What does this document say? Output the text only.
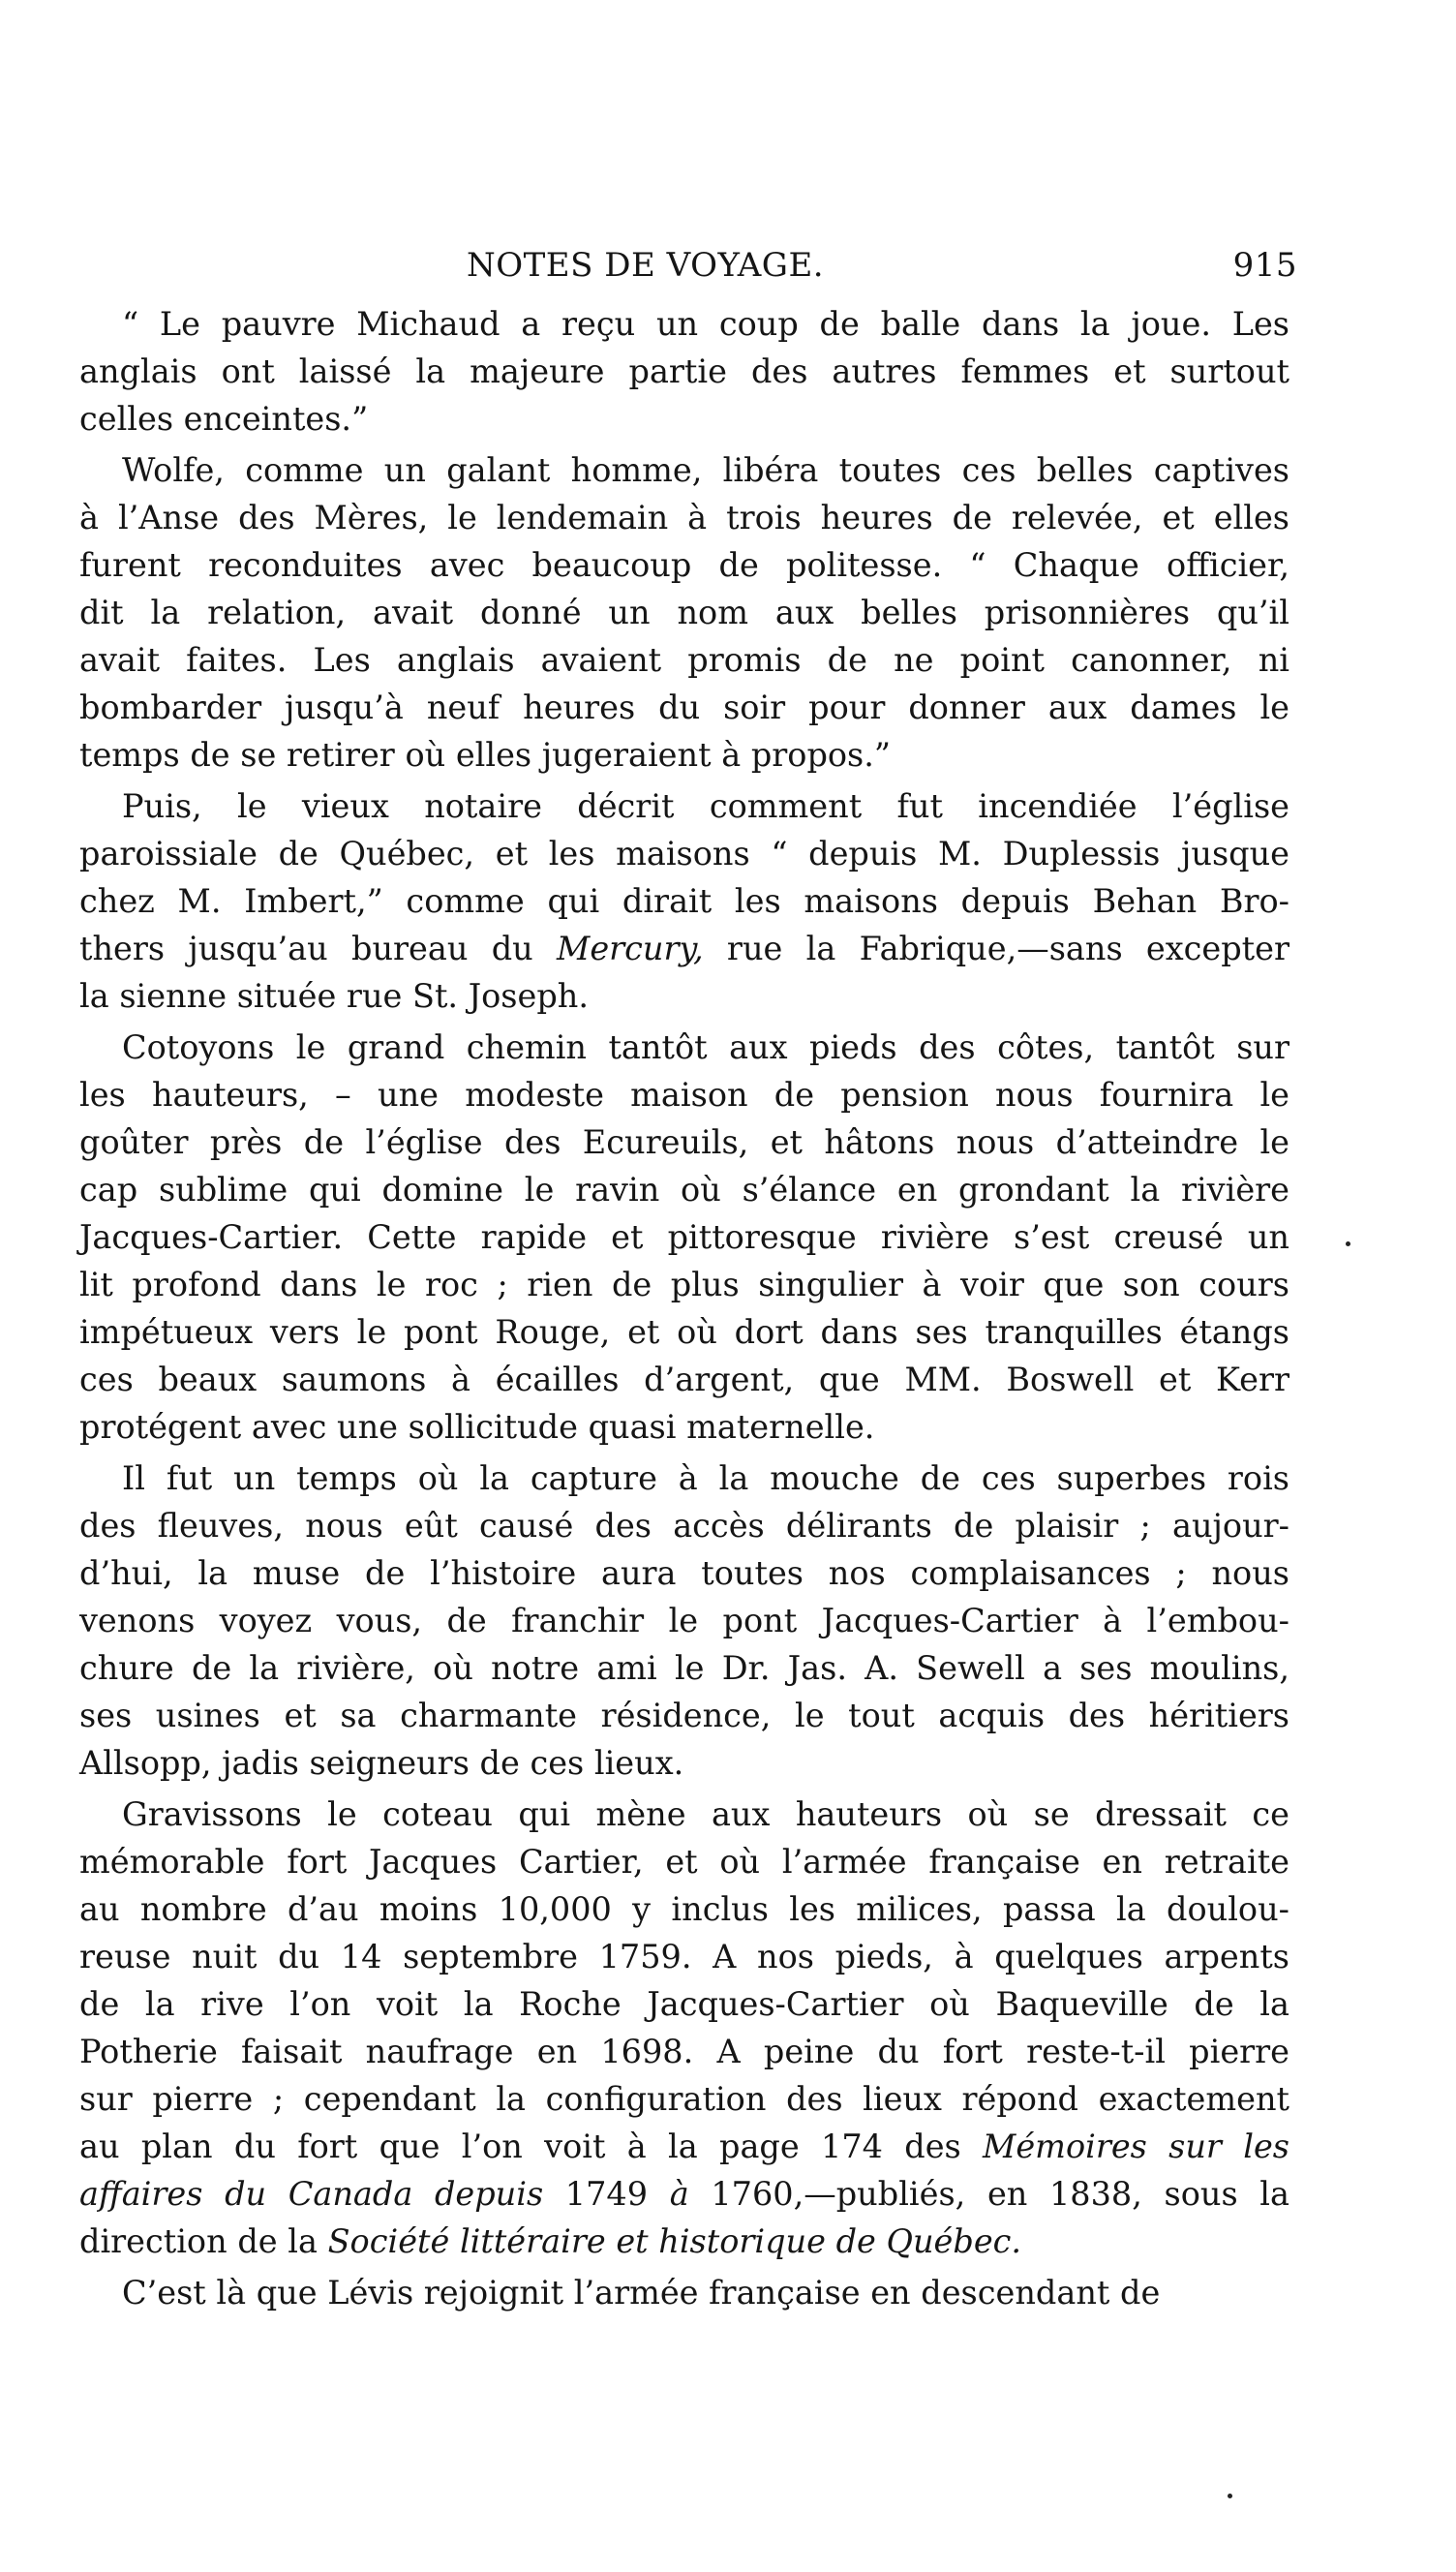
NOTES DE VOYAGE.	915
“ Le pauvre Michaud a reçu un coup de balle dans la joue. Les
anglais ont laissé la majeure partie des autres femmes et surtout
celles enceintes.”
Wolfe, comme un galant homme, libéra toutes ces belles captives
à l’Anse des Mères, le lendemain à trois heures de relevée, et elles
furent reconduites avec beaucoup de politesse. “ Chaque officier,
dit la relation, avait donné un nom aux belles prisonnières qu’il
avait faites. Les anglais avaient promis de ne point canonner, ni
bombarder jusqu’à neuf heures du soir pour donner aux dames le
temps de se retirer où elles jugeraient à propos.”
Puis, le vieux notaire décrit comment fut incendiée l’église
paroissiale de Québec, et les maisons “ depuis M. Duplessis jusque
chez M. Imbert,” comme qui dirait les maisons depuis Behan Bro-
thers jusqu’au bureau du Mercury, rue la Fabrique,—sans excepter
la sienne située rue St. Joseph.
Cotoyons le grand chemin tantôt aux pieds des côtes, tantôt sur
les hauteurs, – une modeste maison de pension nous fournira le
goûter près de l’église des Ecureuils, et hâtons nous d’atteindre le
cap sublime qui domine le ravin où s’élance en grondant la rivière
Jacques-Cartier. Cette rapide et pittoresque rivière s’est creusé un
lit profond dans le roc ; rien de plus singulier à voir que son cours
impétueux vers le pont Rouge, et où dort dans ses tranquilles étangs
ces beaux saumons à écailles d’argent, que MM. Boswell et Kerr
protégent avec une sollicitude quasi maternelle.
Il fut un temps où la capture à la mouche de ces superbes rois
des fleuves, nous eût causé des accès délirants de plaisir ; aujour-
d’hui, la muse de l’histoire aura toutes nos complaisances ; nous
venons voyez vous, de franchir le pont Jacques-Cartier à l’embou-
chure de la rivière, où notre ami le Dr. Jas. A. Sewell a ses moulins,
ses usines et sa charmante résidence, le tout acquis des héritiers
Allsopp, jadis seigneurs de ces lieux.
Gravissons le coteau qui mène aux hauteurs où se dressait ce
mémorable fort Jacques Cartier, et où l’armée française en retraite
au nombre d’au moins 10,000 y inclus les milices, passa la doulou-
reuse nuit du 14 septembre 1759. A nos pieds, à quelques arpents
de la rive l’on voit la Roche Jacques-Cartier où Baqueville de la
Potherie faisait naufrage en 1698. A peine du fort reste-t-il pierre
sur pierre ; cependant la configuration des lieux répond exactement
au plan du fort que l’on voit à la page 174 des Mémoires sur les
affaires du Canada depuis 1749 à 1760,—publiés, en 1838, sous la
direction de la Société littéraire et historique de Québec.
C’est là que Lévis rejoignit l’armée française en descendant de
